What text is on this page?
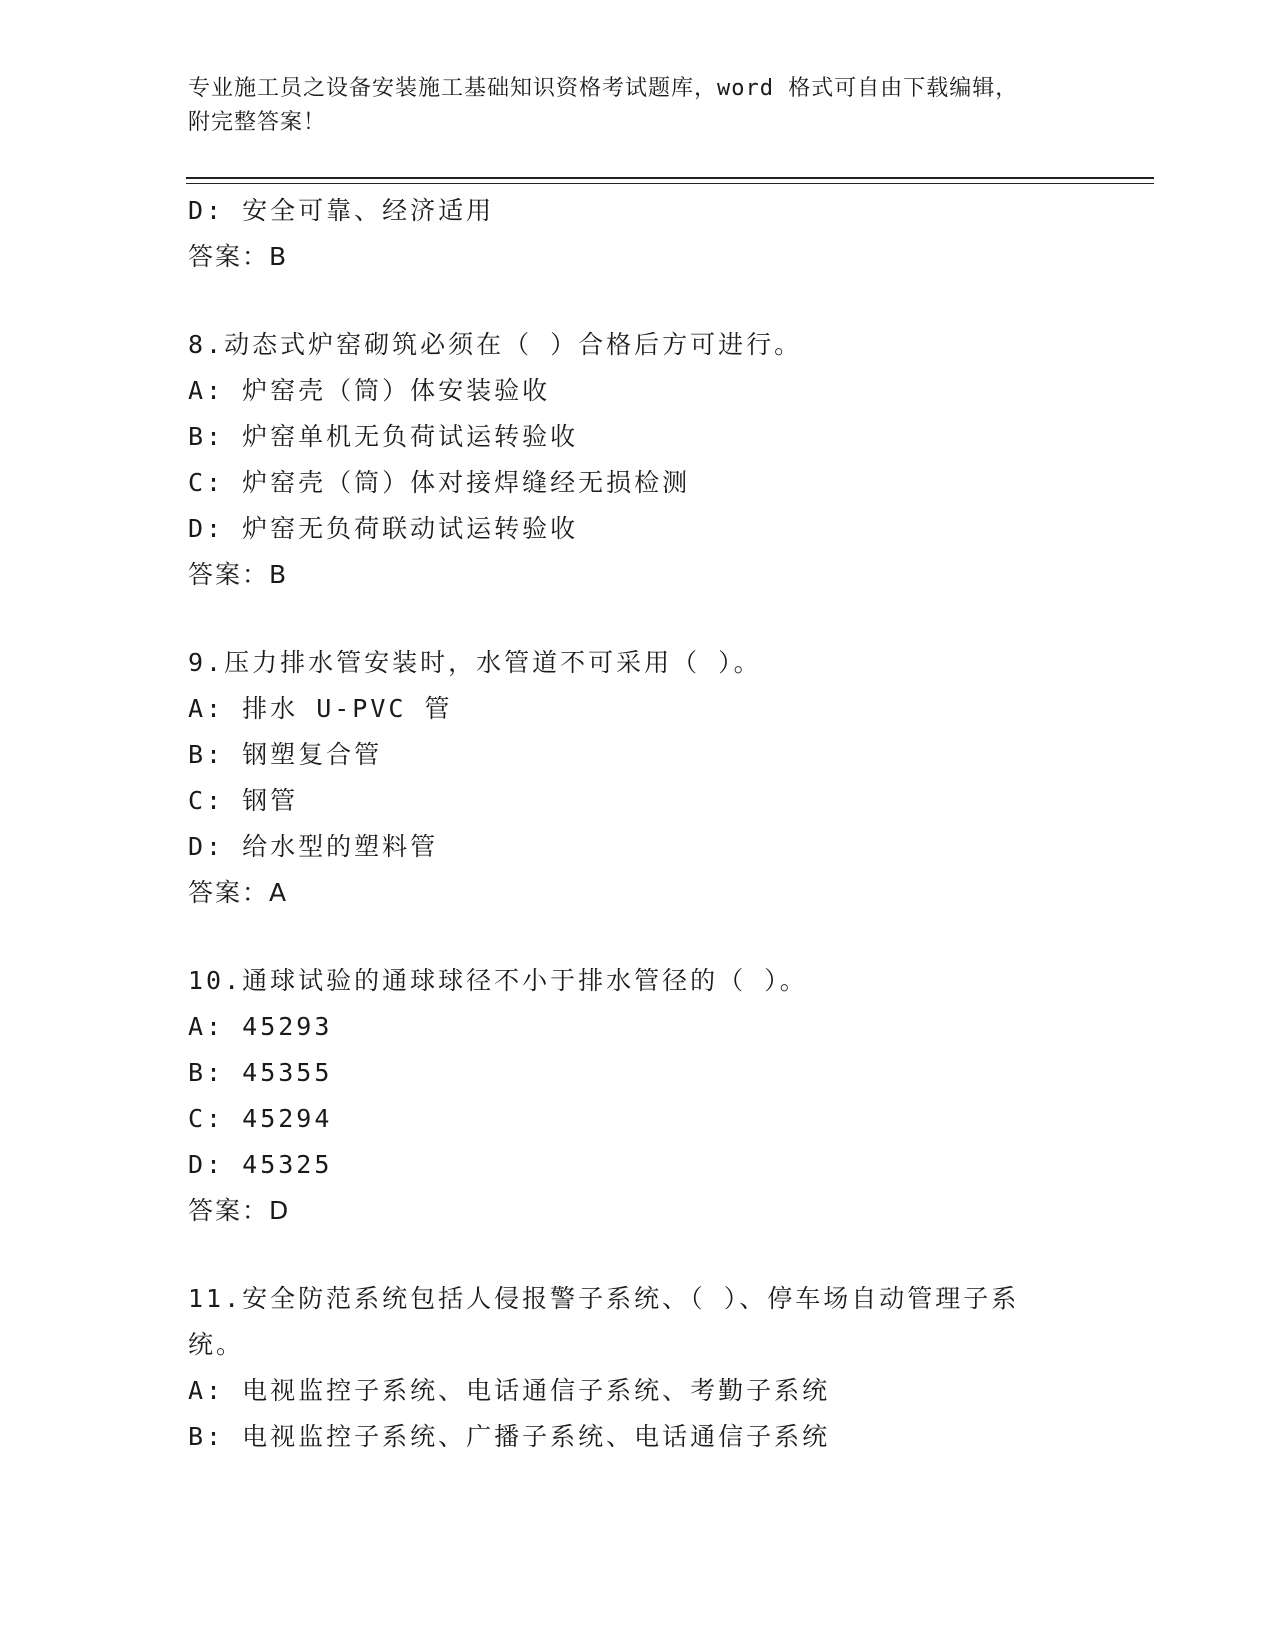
专业施工员之设备安装施工基础知识资格考试题库，word 格式可自由下载编辑，
附完整答案！
D: 安全可靠、经济适用
答案：B
8.动态式炉窑砌筑必须在（ ）合格后方可进行。
A: 炉窑壳（筒）体安装验收
B: 炉窑单机无负荷试运转验收
C: 炉窑壳（筒）体对接焊缝经无损检测
D: 炉窑无负荷联动试运转验收
答案：B
9.压力排水管安装时，水管道不可采用（ ）。
A: 排水 U-PVC 管
B: 钢塑复合管
C: 钢管
D: 给水型的塑料管
答案：A
10.通球试验的通球球径不小于排水管径的（ ）。
A: 45293
B: 45355
C: 45294
D: 45325
答案：D
11.安全防范系统包括人侵报警子系统、（ ）、停车场自动管理子系
统。
A: 电视监控子系统、电话通信子系统、考勤子系统
B: 电视监控子系统、广播子系统、电话通信子系统
